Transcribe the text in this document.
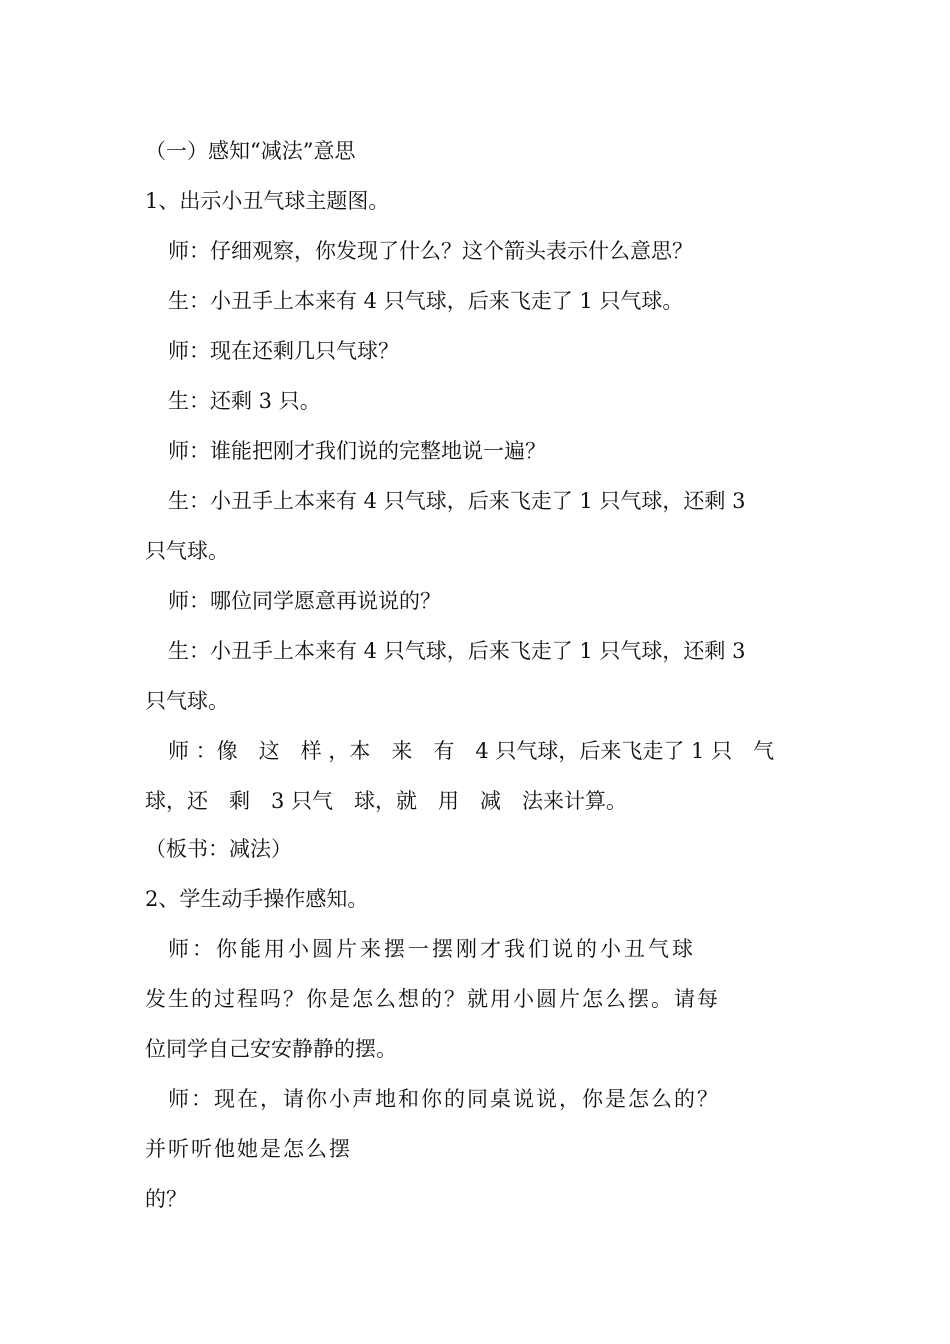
（一）感知“减法”意思
1、出示小丑气球主题图。
师：仔细观察，你发现了什么？这个箭头表示什么意思？
生：小丑手上本来有 4 只气球，后来飞走了 1 只气球。
师：现在还剩几只气球？
生：还剩 3 只。
师：谁能把刚才我们说的完整地说一遍？
生：小丑手上本来有 4 只气球，后来飞走了 1 只气球，还剩 3
只气球。
师：哪位同学愿意再说说的？
生：小丑手上本来有 4 只气球，后来飞走了 1 只气球，还剩 3
只气球。
师 ：像　这　样 ，本　来　有　4 只气球，后来飞走了 1 只　气
球，还　剩　3 只气　球，就　用　减　法来计算。
（板书：减法）
2、学生动手操作感知。
师：你能用小圆片来摆一摆刚才我们说的小丑气球
发生的过程吗？你是怎么想的？就用小圆片怎么摆。请每
位同学自己安安静静的摆。
师：现在，请你小声地和你的同桌说说，你是怎么的？
并听听他她是怎么摆
的？
